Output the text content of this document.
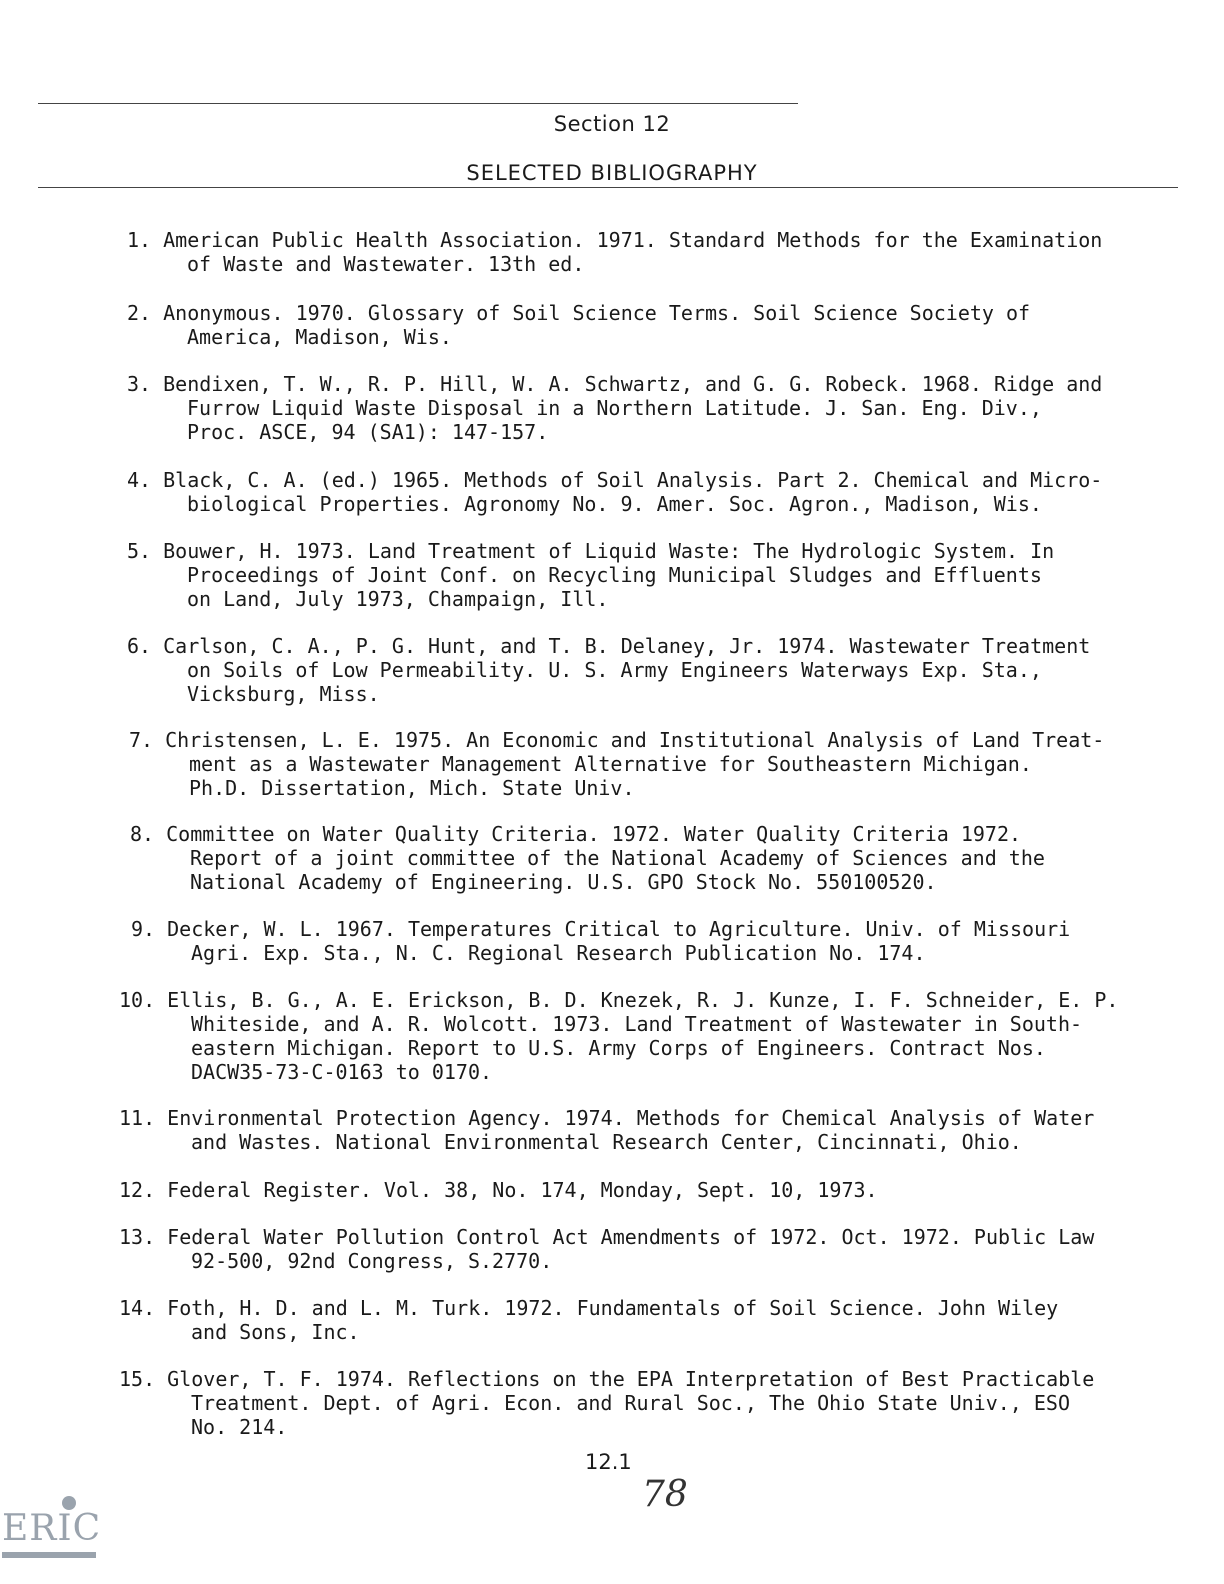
Section 12
SELECTED BIBLIOGRAPHY
1. American Public Health Association. 1971. Standard Methods for the Examination
of Waste and Wastewater. 13th ed.
2. Anonymous. 1970. Glossary of Soil Science Terms. Soil Science Society of
America, Madison, Wis.
3. Bendixen, T. W., R. P. Hill, W. A. Schwartz, and G. G. Robeck. 1968. Ridge and
Furrow Liquid Waste Disposal in a Northern Latitude. J. San. Eng. Div.,
Proc. ASCE, 94 (SA1): 147-157.
4. Black, C. A. (ed.) 1965. Methods of Soil Analysis. Part 2. Chemical and Micro-
biological Properties. Agronomy No. 9. Amer. Soc. Agron., Madison, Wis.
5. Bouwer, H. 1973. Land Treatment of Liquid Waste: The Hydrologic System. In
Proceedings of Joint Conf. on Recycling Municipal Sludges and Effluents
on Land, July 1973, Champaign, Ill.
6. Carlson, C. A., P. G. Hunt, and T. B. Delaney, Jr. 1974. Wastewater Treatment
on Soils of Low Permeability. U. S. Army Engineers Waterways Exp. Sta.,
Vicksburg, Miss.
7. Christensen, L. E. 1975. An Economic and Institutional Analysis of Land Treat-
ment as a Wastewater Management Alternative for Southeastern Michigan.
Ph.D. Dissertation, Mich. State Univ.
8. Committee on Water Quality Criteria. 1972. Water Quality Criteria 1972.
Report of a joint committee of the National Academy of Sciences and the
National Academy of Engineering. U.S. GPO Stock No. 550100520.
9. Decker, W. L. 1967. Temperatures Critical to Agriculture. Univ. of Missouri
Agri. Exp. Sta., N. C. Regional Research Publication No. 174.
10. Ellis, B. G., A. E. Erickson, B. D. Knezek, R. J. Kunze, I. F. Schneider, E. P.
Whiteside, and A. R. Wolcott. 1973. Land Treatment of Wastewater in South-
eastern Michigan. Report to U.S. Army Corps of Engineers. Contract Nos.
DACW35-73-C-0163 to 0170.
11. Environmental Protection Agency. 1974. Methods for Chemical Analysis of Water
and Wastes. National Environmental Research Center, Cincinnati, Ohio.
12. Federal Register. Vol. 38, No. 174, Monday, Sept. 10, 1973.
13. Federal Water Pollution Control Act Amendments of 1972. Oct. 1972. Public Law
92-500, 92nd Congress, S.2770.
14. Foth, H. D. and L. M. Turk. 1972. Fundamentals of Soil Science. John Wiley
and Sons, Inc.
15. Glover, T. F. 1974. Reflections on the EPA Interpretation of Best Practicable
Treatment. Dept. of Agri. Econ. and Rural Soc., The Ohio State Univ., ESO
No. 214.
12.1
78
ERIC
